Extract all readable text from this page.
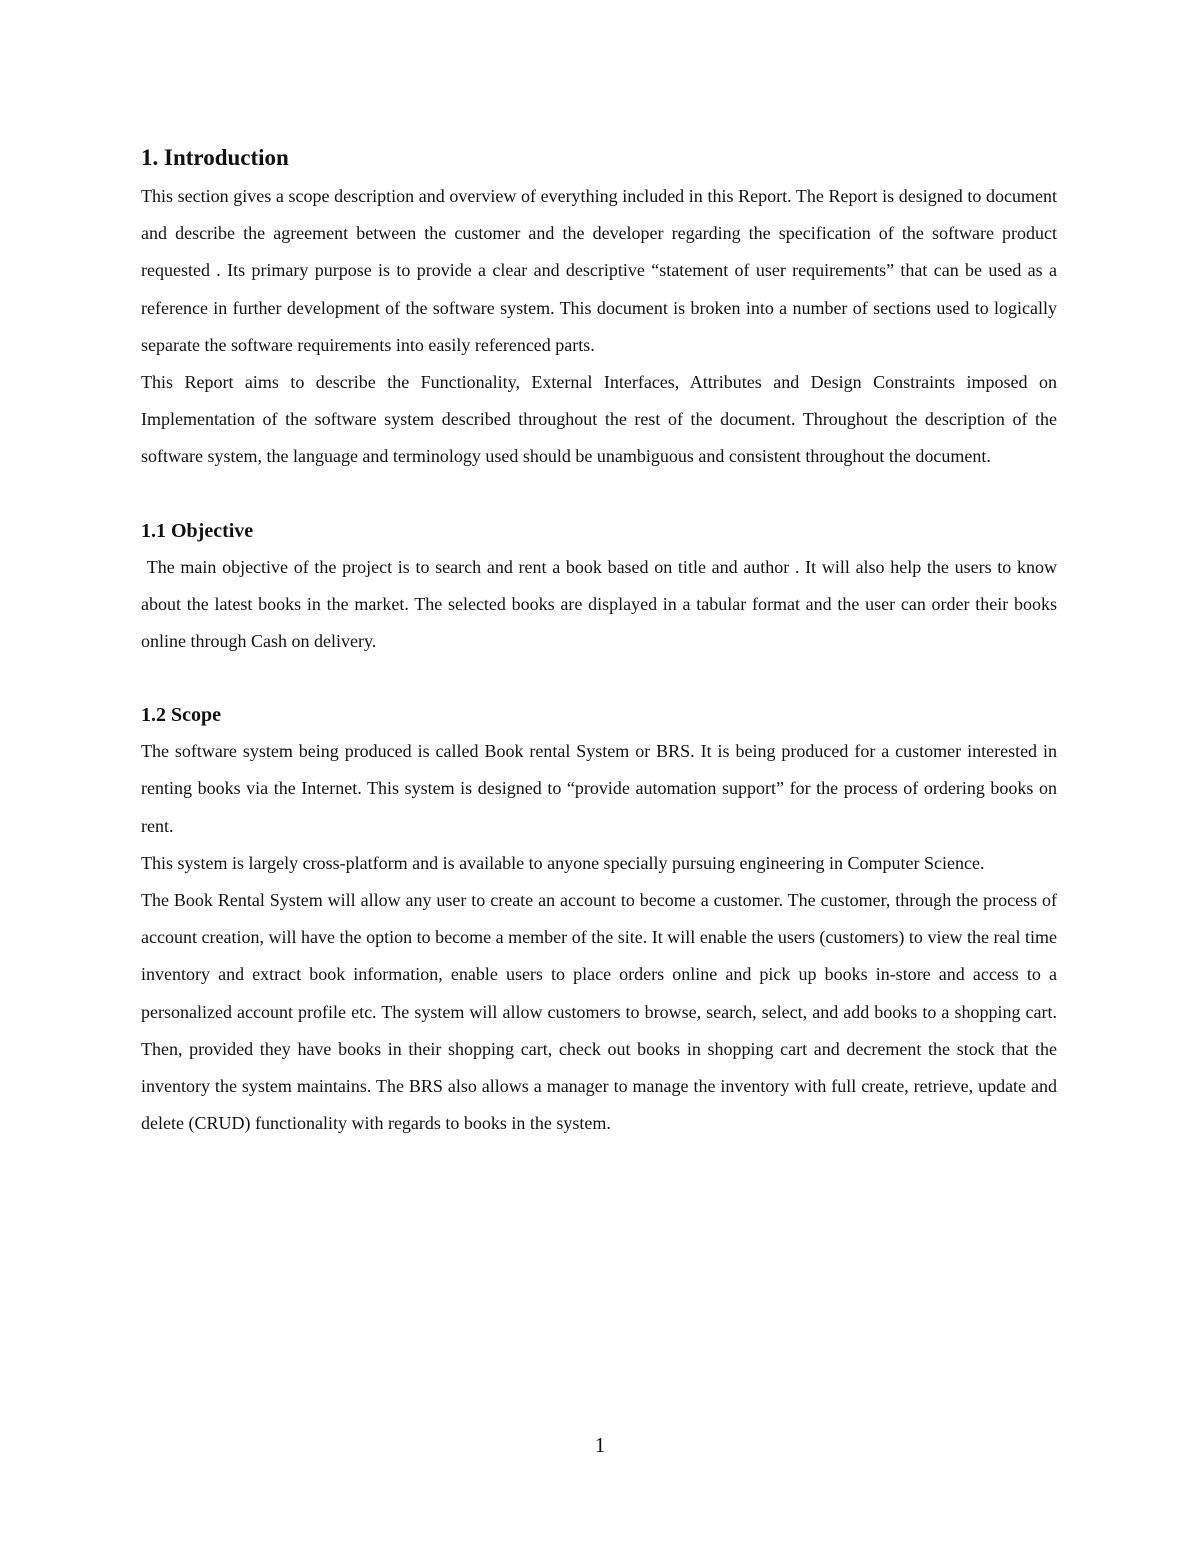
1. Introduction

This section gives a scope description and overview of everything included in this Report. The Report is designed to document and describe the agreement between the customer and the developer regarding the specification of the software product requested . Its primary purpose is to provide a clear and descriptive “statement of user requirements” that can be used as a reference in further development of the software system. This document is broken into a number of sections used to logically separate the software requirements into easily referenced parts.

This Report aims to describe the Functionality, External Interfaces, Attributes and Design Constraints imposed on Implementation of the software system described throughout the rest of the document. Throughout the description of the software system, the language and terminology used should be unambiguous and consistent throughout the document.

1.1 Objective

The main objective of the project is to search and rent a book based on title and author . It will also help the users to know about the latest books in the market. The selected books are displayed in a tabular format and the user can order their books online through Cash on delivery.

1.2 Scope

The software system being produced is called Book rental System or BRS. It is being produced for a customer interested in renting books via the Internet. This system is designed to “provide automation support” for the process of ordering books on rent.

This system is largely cross-platform and is available to anyone specially pursuing engineering in Computer Science.

The Book Rental System will allow any user to create an account to become a customer. The customer, through the process of account creation, will have the option to become a member of the site. It will enable the users (customers) to view the real time inventory and extract book information, enable users to place orders online and pick up books in-store and access to a personalized account profile etc. The system will allow customers to browse, search, select, and add books to a shopping cart. Then, provided they have books in their shopping cart, check out books in shopping cart and decrement the stock that the inventory the system maintains. The BRS also allows a manager to manage the inventory with full create, retrieve, update and delete (CRUD) functionality with regards to books in the system.

1
